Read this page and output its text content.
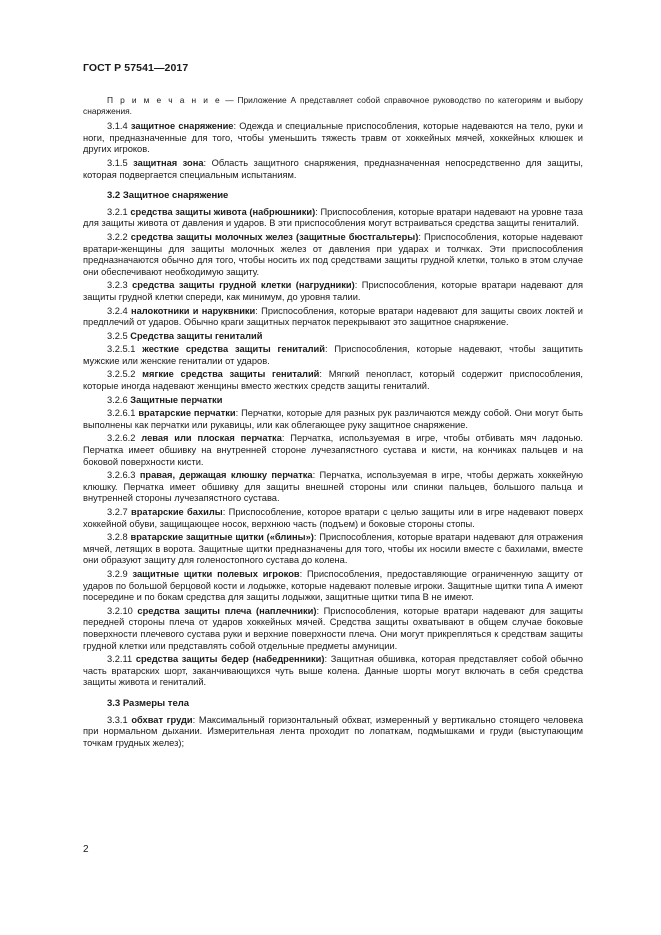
ГОСТ Р 57541—2017

П р и м е ч а н и е — Приложение А представляет собой справочное руководство по категориям и выбору снаряжения.

3.1.4 защитное снаряжение: Одежда и специальные приспособления, которые надеваются на тело, руки и ноги, предназначенные для того, чтобы уменьшить тяжесть травм от хоккейных мячей, хоккейных клюшек и других игроков.

3.1.5 защитная зона: Область защитного снаряжения, предназначенная непосредственно для защиты, которая подвергается специальным испытаниям.

3.2 Защитное снаряжение

3.2.1 средства защиты живота (набрюшники): Приспособления, которые вратари надевают на уровне таза для защиты живота от давления и ударов. В эти приспособления могут встраиваться средства защиты гениталий.

3.2.2 средства защиты молочных желез (защитные бюстгальтеры): Приспособления, которые надевают вратари-женщины для защиты молочных желез от давления при ударах и толчках. Эти приспособления предназначаются обычно для того, чтобы носить их под средствами защиты грудной клетки, только в этом случае они обеспечивают необходимую защиту.

3.2.3 средства защиты грудной клетки (нагрудники): Приспособления, которые вратари надевают для защиты грудной клетки спереди, как минимум, до уровня талии.

3.2.4 налокотники и наруквники: Приспособления, которые вратари надевают для защиты своих локтей и предплечий от ударов. Обычно краги защитных перчаток перекрывают это защитное снаряжение.

3.2.5 Средства защиты гениталий

3.2.5.1 жесткие средства защиты гениталий: Приспособления, которые надевают, чтобы защитить мужские или женские гениталии от ударов.

3.2.5.2 мягкие средства защиты гениталий: Мягкий пенопласт, который содержит приспособления, которые иногда надевают женщины вместо жестких средств защиты гениталий.

3.2.6 Защитные перчатки

3.2.6.1 вратарские перчатки: Перчатки, которые для разных рук различаются между собой. Они могут быть выполнены как перчатки или рукавицы, или как облегающее руку защитное снаряжение.

3.2.6.2 левая или плоская перчатка: Перчатка, используемая в игре, чтобы отбивать мяч ладонью. Перчатка имеет обшивку на внутренней стороне лучезапястного сустава и кисти, на кончиках пальцев и на боковой поверхности кисти.

3.2.6.3 правая, держащая клюшку перчатка: Перчатка, используемая в игре, чтобы держать хоккейную клюшку. Перчатка имеет обшивку для защиты внешней стороны или спинки пальцев, большого пальца и внутренней стороны лучезапястного сустава.

3.2.7 вратарские бахилы: Приспособление, которое вратари с целью защиты или в игре надевают поверх хоккейной обуви, защищающее носок, верхнюю часть (подъем) и боковые стороны стопы.

3.2.8 вратарские защитные щитки («блины»): Приспособления, которые вратари надевают для отражения мячей, летящих в ворота. Защитные щитки предназначены для того, чтобы их носили вместе с бахилами, вместе они образуют защиту для голеностопного сустава до колена.

3.2.9 защитные щитки полевых игроков: Приспособления, предоставляющие ограниченную защиту от ударов по большой берцовой кости и лодыжке, которые надевают полевые игроки. Защитные щитки типа А имеют посередине и по бокам средства для защиты лодыжки, защитные щитки типа В не имеют.

3.2.10 средства защиты плеча (наплечники): Приспособления, которые вратари надевают для защиты передней стороны плеча от ударов хоккейных мячей. Средства защиты охватывают в общем случае боковые поверхности плечевого сустава руки и верхние поверхности плеча. Они могут прикрепляться к средствам защиты грудной клетки или представлять собой отдельные предметы амуниции.

3.2.11 средства защиты бедер (набедренники): Защитная обшивка, которая представляет собой обычно часть вратарских шорт, заканчивающихся чуть выше колена. Данные шорты могут включать в себя средства защиты живота и гениталий.

3.3 Размеры тела

3.3.1 обхват груди: Максимальный горизонтальный обхват, измеренный у вертикально стоящего человека при нормальном дыхании. Измерительная лента проходит по лопаткам, подмышками и груди (выступающим точкам грудных желез);

2
